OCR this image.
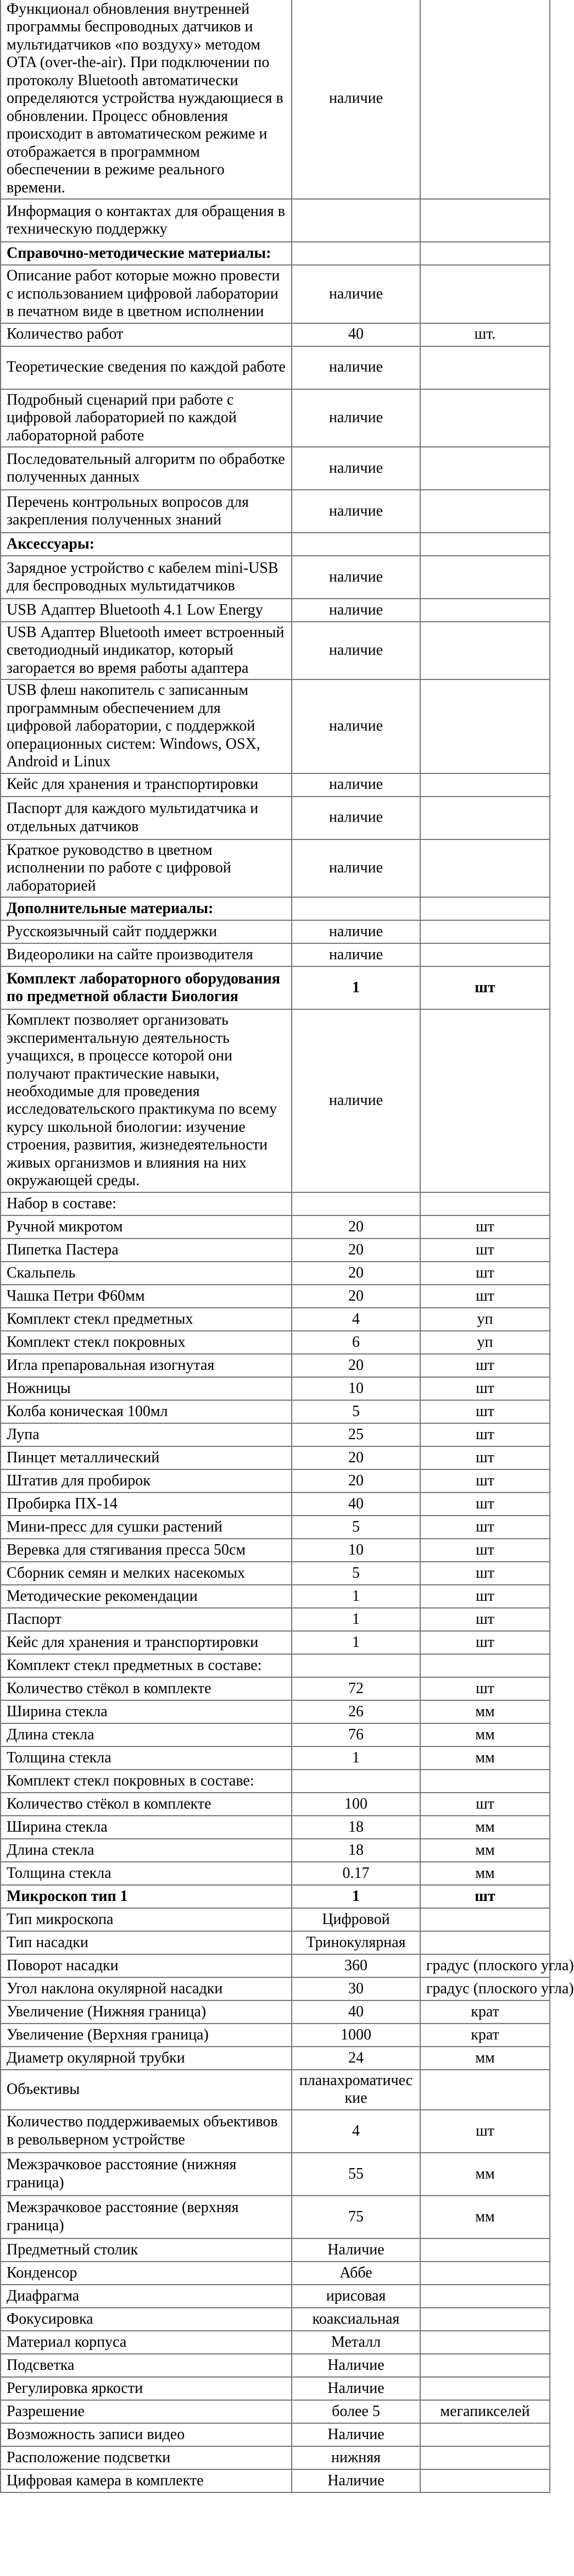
Функционал обновления внутренней программы беспроводных датчиков и мультидатчиков «по воздуху» методом OTA (over-the-air). При подключении по протоколу Bluetooth автоматически определяются устройства нуждающиеся в обновлении. Процесс обновления происходит в автоматическом режиме и отображается в программном обеспечении в режиме реального времени.	наличие	
Информация о контактах для обращения в техническую поддержку		
Справочно-методические материалы:		
Описание работ которые можно провести с использованием цифровой лаборатории в печатном виде в цветном исполнении	наличие	
Количество работ	40	шт.
Теоретические сведения по каждой работе	наличие	
Подробный сценарий при работе с цифровой лабораторией по каждой лабораторной работе	наличие	
Последовательный алгоритм по обработке полученных данных	наличие	
Перечень контрольных вопросов для закрепления полученных знаний	наличие	
Аксессуары:		
Зарядное устройство с кабелем mini-USB для беспроводных мультидатчиков	наличие	
USB Адаптер Bluetooth 4.1 Low Energy	наличие	
USB Адаптер Bluetooth имеет встроенный светодиодный индикатор, который загорается во время работы адаптера	наличие	
USB флеш накопитель с записанным программным обеспечением для цифровой лаборатории, с поддержкой операционных систем: Windows, OSX, Android и Linux	наличие	
Кейс для хранения и транспортировки	наличие	
Паспорт для каждого мультидатчика и отдельных датчиков	наличие	
Краткое руководство в цветном исполнении по работе с цифровой лабораторией	наличие	
Дополнительные материалы:		
Русскоязычный сайт поддержки	наличие	
Видеоролики на сайте производителя	наличие	
Комплект лабораторного оборудования по предметной области Биология	1	шт
Комплект позволяет организовать экспериментальную деятельность учащихся, в процессе которой они получают практические навыки, необходимые для проведения исследовательского практикума по всему курсу школьной биологии: изучение строения, развития, жизнедеятельности живых организмов и влияния на них окружающей среды.	наличие	
Набор в составе:		
Ручной микротом	20	шт
Пипетка Пастера	20	шт
Скальпель	20	шт
Чашка Петри Ф60мм	20	шт
Комплект стекл предметных	4	уп
Комплект стекл покровных	6	уп
Игла препаровальная изогнутая	20	шт
Ножницы	10	шт
Колба коническая 100мл	5	шт
Лупа	25	шт
Пинцет металлический	20	шт
Штатив для пробирок	20	шт
Пробирка ПХ-14	40	шт
Мини-пресс для сушки растений	5	шт
Веревка для стягивания пресса 50см	10	шт
Сборник семян и мелких насекомых	5	шт
Методические рекомендации	1	шт
Паспорт	1	шт
Кейс для хранения и транспортировки	1	шт
Комплект стекл предметных в составе:		
Количество стёкол в комплекте	72	шт
Ширина стекла	26	мм
Длина стекла	76	мм
Толщина стекла	1	мм
Комплект стекл покровных в составе:		
Количество стёкол в комплекте	100	шт
Ширина стекла	18	мм
Длина стекла	18	мм
Толщина стекла	0.17	мм
Микроскоп тип 1	1	шт
Тип микроскопа	Цифровой	
Тип насадки	Тринокулярная	
Поворот насадки	360	градус (плоского угла)
Угол наклона окулярной насадки	30	градус (плоского угла)
Увеличение (Нижняя граница)	40	крат
Увеличение (Верхняя граница)	1000	крат
Диаметр окулярной трубки	24	мм
Объективы	планахроматические	
Количество поддерживаемых объективов в револьверном устройстве	4	шт
Межзрачковое расстояние (нижняя граница)	55	мм
Межзрачковое расстояние (верхняя граница)	75	мм
Предметный столик	Наличие	
Конденсор	Аббе	
Диафрагма	ирисовая	
Фокусировка	коаксиальная	
Материал корпуса	Металл	
Подсветка	Наличие	
Регулировка яркости	Наличие	
Разрешение	более 5	мегапикселей
Возможность записи видео	Наличие	
Расположение подсветки	нижняя	
Цифровая камера в комплекте	Наличие	
